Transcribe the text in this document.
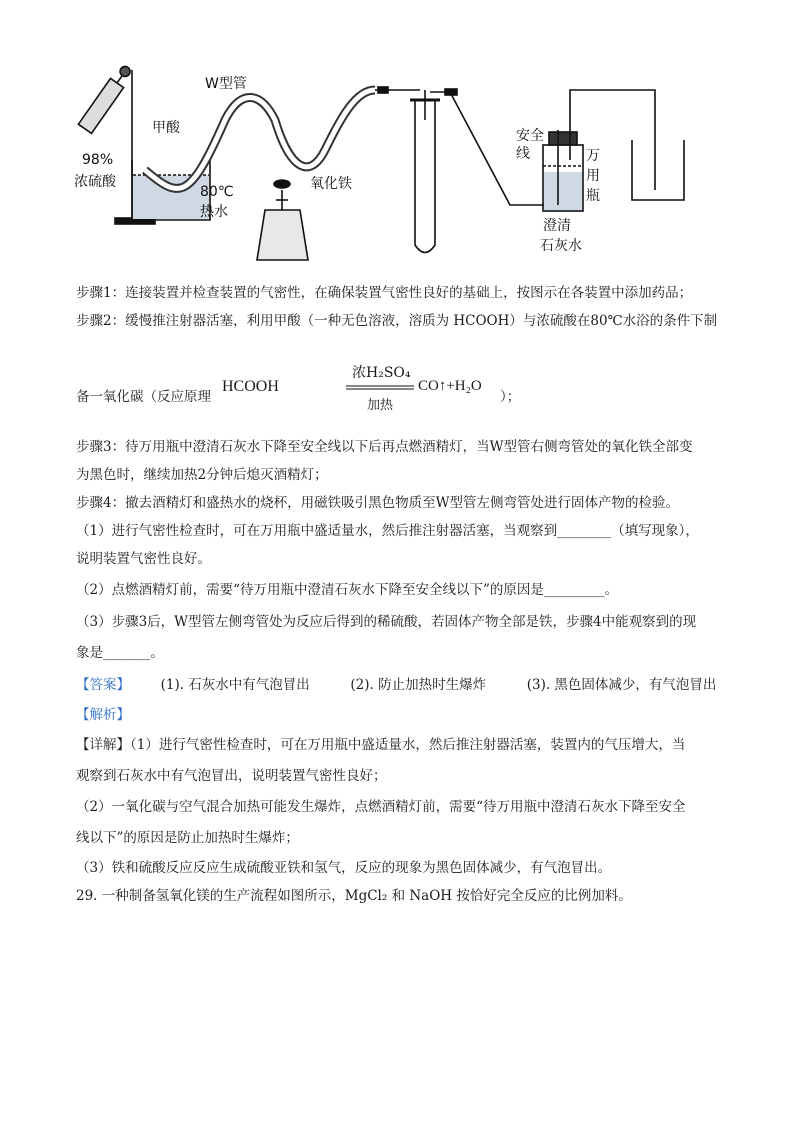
W型管
甲酸
98%
浓硫酸
80℃
热水
氧化铁
安全
线	万
用
瓶
澄清
石灰水
步骤1：连接装置并检查装置的气密性，在确保装置气密性良好的基础上，按图示在各装置中添加药品；
步骤2：缓慢推注射器活塞，利用甲酸（一种无色溶液，溶质为 HCOOH）与浓硫酸在80℃水浴的条件下制
备一氧化碳（反应原理
HCOOH
浓H₂SO₄
加热
CO↑+H₂O
）；
步骤3：待万用瓶中澄清石灰水下降至安全线以下后再点燃酒精灯，当W型管右侧弯管处的氧化铁全部变
为黑色时，继续加热2分钟后熄灭酒精灯；
步骤4：撤去酒精灯和盛热水的烧杯，用磁铁吸引黑色物质至W型管左侧弯管处进行固体产物的检验。
（1）进行气密性检查时，可在万用瓶中盛适量水，然后推注射器活塞，当观察到________（填写现象），
说明装置气密性良好。
（2）点燃酒精灯前，需要“待万用瓶中澄清石灰水下降至安全线以下”的原因是_________。
（3）步骤3后，W型管左侧弯管处为反应后得到的稀硫酸，若固体产物全部是铁，步骤4中能观察到的现
象是_______。
【答案】 (1). 石灰水中有气泡冒出	(2). 防止加热时生爆炸	(3). 黑色固体减少，有气泡冒出
【解析】
【详解】（1）进行气密性检查时，可在万用瓶中盛适量水，然后推注射器活塞，装置内的气压增大，当
观察到石灰水中有气泡冒出，说明装置气密性良好；
（2）一氧化碳与空气混合加热可能发生爆炸，点燃酒精灯前，需要“待万用瓶中澄清石灰水下降至安全
线以下”的原因是防止加热时生爆炸；
（3）铁和硫酸反应反应生成硫酸亚铁和氢气，反应的现象为黑色固体减少，有气泡冒出。
29. 一种制备氢氧化镁的生产流程如图所示，MgCl₂ 和 NaOH 按恰好完全反应的比例加料。
